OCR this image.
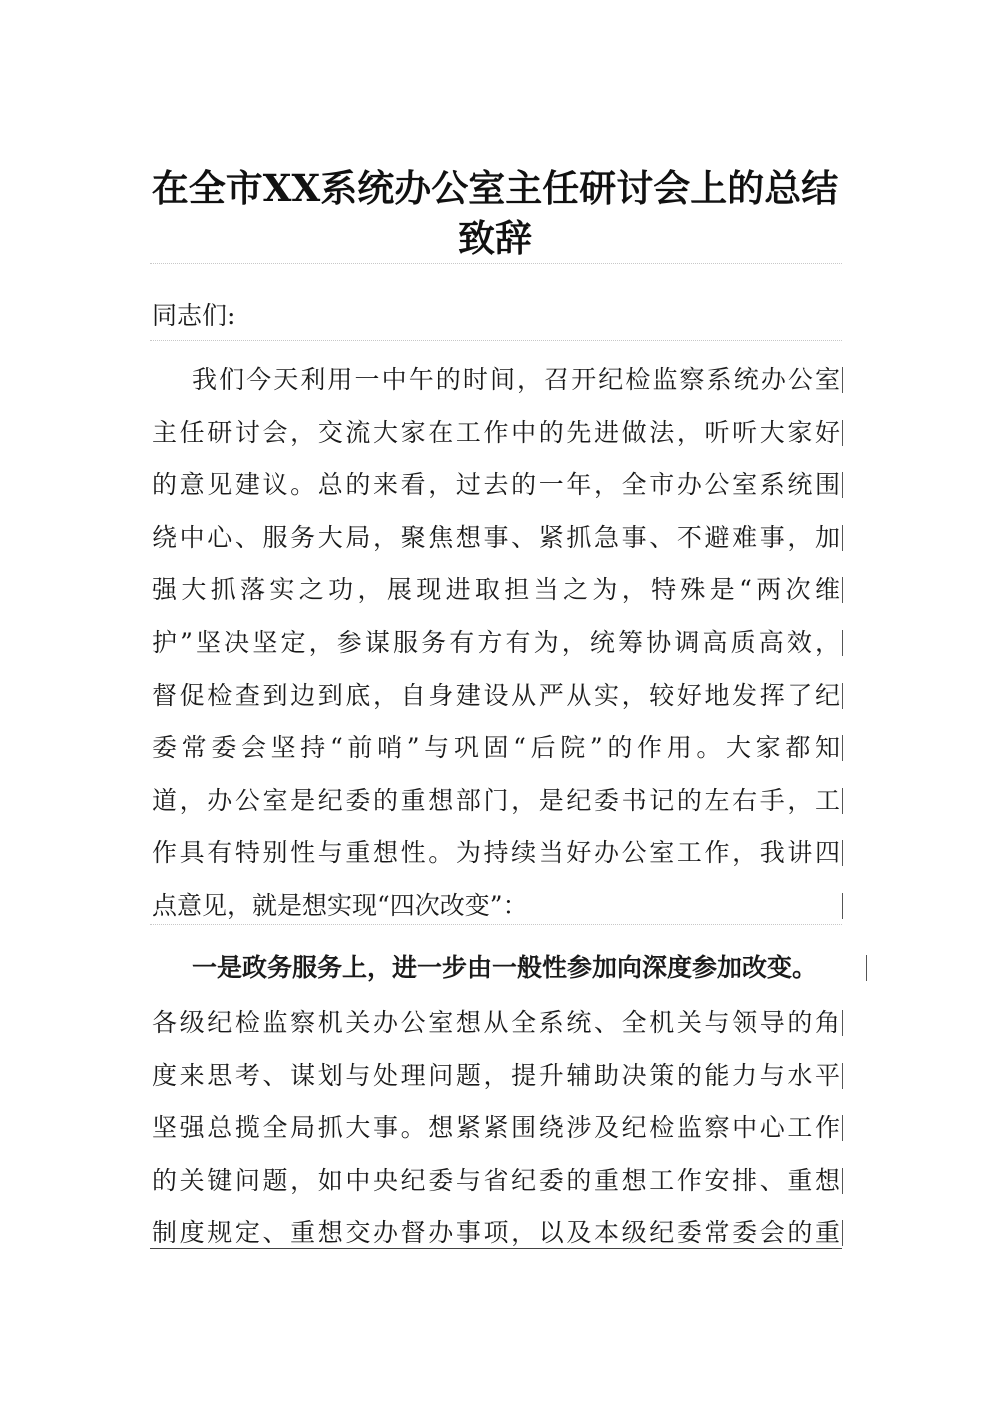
在全市XX系统办公室主任研讨会上的总结
致辞
同志们:
我们今天利用一中午的时间，召开纪检监察系统办公室
主任研讨会，交流大家在工作中的先进做法，听听大家好
的意见建议。总的来看，过去的一年，全市办公室系统围
绕中心、服务大局，聚焦想事、紧抓急事、不避难事，加
强大抓落实之功，展现进取担当之为，特殊是“两次维
护”坚决坚定，参谋服务有方有为，统筹协调高质高效，
督促检查到边到底，自身建设从严从实，较好地发挥了纪
委常委会坚持“前哨”与巩固“后院”的作用。大家都知
道，办公室是纪委的重想部门，是纪委书记的左右手，工
作具有特别性与重想性。为持续当好办公室工作，我讲四
点意见，就是想实现“四次改变”：
一是政务服务上，进一步由一般性参加向深度参加改变。
各级纪检监察机关办公室想从全系统、全机关与领导的角
度来思考、谋划与处理问题，提升辅助决策的能力与水平
坚强总揽全局抓大事。想紧紧围绕涉及纪检监察中心工作
的关键问题，如中央纪委与省纪委的重想工作安排、重想
制度规定、重想交办督办事项，以及本级纪委常委会的重
